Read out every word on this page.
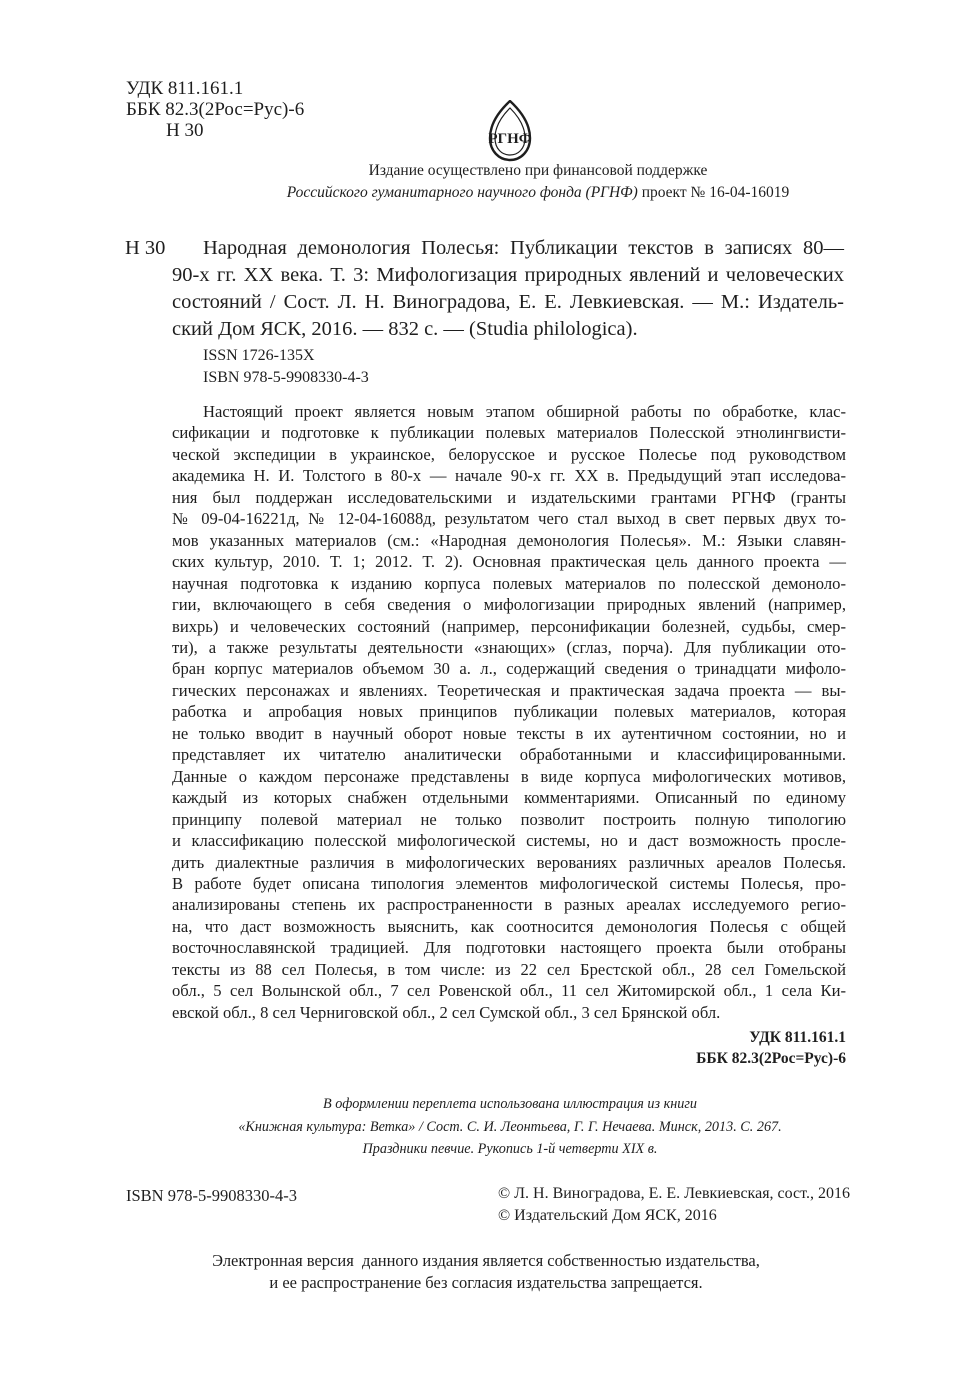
УДК 811.161.1
ББК 82.3(2Рос=Рус)-6
Н 30	РГНФ
Издание осуществлено при финансовой поддержке
Российского гуманитарного научного фонда (РГНФ) проект № 16-04-16019
Н 30	Народная демонология Полесья: Публикации текстов в записях 80—
90-х гг. XX века. Т. 3: Мифологизация природных явлений и человеческих
состояний / Сост. Л. Н. Виноградова, Е. Е. Левкиевская. — М.: Издатель-
ский Дом ЯСК, 2016. — 832 с. — (Studia philologica).
ISSN 1726-135X
ISBN 978-5-9908330-4-3
Настоящий проект является новым этапом обширной работы по обработке, клас-
сификации и подготовке к публикации полевых материалов Полесской этнолингвисти-
ческой экспедиции в украинское, белорусское и русское Полесье под руководством
академика Н. И. Толстого в 80-х — начале 90-х гг. XX в. Предыдущий этап исследова-
ния был поддержан исследовательскими и издательскими грантами РГНФ (гранты
№ 09-04-16221д, № 12-04-16088д, результатом чего стал выход в свет первых двух то-
мов указанных материалов (см.: «Народная демонология Полесья». М.: Языки славян-
ских культур, 2010. Т. 1; 2012. Т. 2). Основная практическая цель данного проекта —
научная подготовка к изданию корпуса полевых материалов по полесской демоноло-
гии, включающего в себя сведения о мифологизации природных явлений (например,
вихрь) и человеческих состояний (например, персонификации болезней, судьбы, смер-
ти), а также результаты деятельности «знающих» (сглаз, порча). Для публикации ото-
бран корпус материалов объемом 30 а. л., содержащий сведения о тринадцати мифоло-
гических персонажах и явлениях. Теоретическая и практическая задача проекта — вы-
работка и апробация новых принципов публикации полевых материалов, которая
не только вводит в научный оборот новые тексты в их аутентичном состоянии, но и
представляет их читателю аналитически обработанными и классифицированными.
Данные о каждом персонаже представлены в виде корпуса мифологических мотивов,
каждый из которых снабжен отдельными комментариями. Описанный по единому
принципу полевой материал не только позволит построить полную типологию
и классификацию полесской мифологической системы, но и даст возможность просле-
дить диалектные различия в мифологических верованиях различных ареалов Полесья.
В работе будет описана типология элементов мифологической системы Полесья, про-
анализированы степень их распространенности в разных ареалах исследуемого регио-
на, что даст возможность выяснить, как соотносится демонология Полесья с общей
восточнославянской традицией. Для подготовки настоящего проекта были отобраны
тексты из 88 сел Полесья, в том числе: из 22 сел Брестской обл., 28 сел Гомельской
обл., 5 сел Волынской обл., 7 сел Ровенской обл., 11 сел Житомирской обл., 1 села Ки-
евской обл., 8 сел Черниговской обл., 2 сел Сумской обл., 3 сел Брянской обл.
УДК 811.161.1
ББК 82.3(2Рос=Рус)-6
В оформлении переплета использована иллюстрация из книги
«Книжная культура: Ветка» / Сост. С. И. Леонтьева, Г. Г. Нечаева. Минск, 2013. С. 267.
Праздники певчие. Рукопись 1-й четверти XIX в.
ISBN 978-5-9908330-4-3	© Л. Н. Виноградова, Е. Е. Левкиевская, сост., 2016
© Издательский Дом ЯСК, 2016
Электронная версия  данного издания является собственностью издательства,
и ее распространение без согласия издательства запрещается.
